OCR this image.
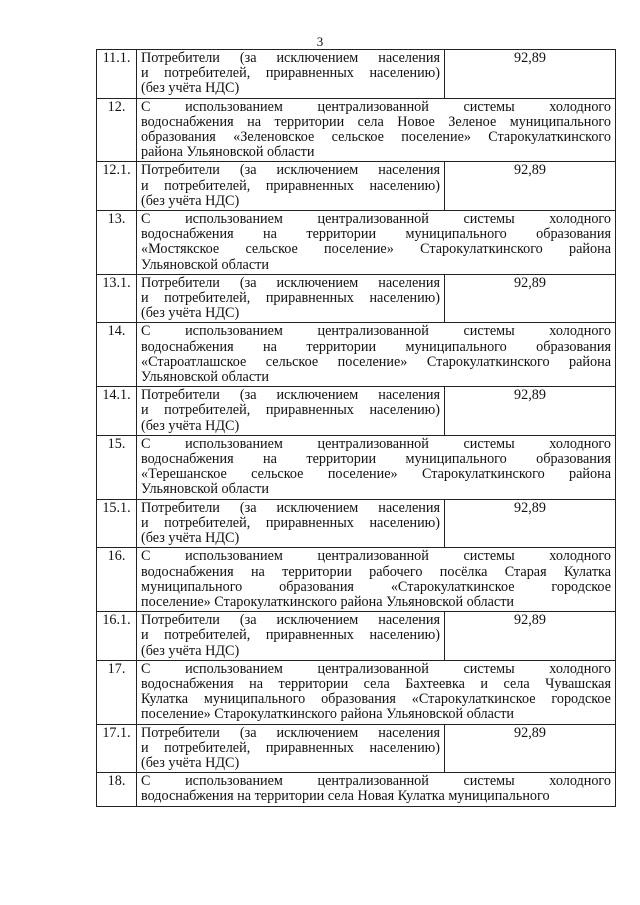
3
11.1.	Потребители (за исключением населения
и потребителей, приравненных населению)
(без учёта НДС)	92,89
12.	С использованием централизованной системы холодного
водоснабжения на территории села Новое Зеленое муниципального
образования «Зеленовское сельское поселение» Старокулаткинского
района Ульяновской области	

12.1.	Потребители (за исключением населения
и потребителей, приравненных населению)
(без учёта НДС)	92,89
13.	С использованием централизованной системы холодного
водоснабжения на территории муниципального образования
«Мостякское сельское поселение» Старокулаткинского района
Ульяновской области	

13.1.	Потребители (за исключением населения
и потребителей, приравненных населению)
(без учёта НДС)	92,89
14.	С использованием централизованной системы холодного
водоснабжения на территории муниципального образования
«Староатлашское сельское поселение» Старокулаткинского района
Ульяновской области	

14.1.	Потребители (за исключением населения
и потребителей, приравненных населению)
(без учёта НДС)	92,89
15.	С использованием централизованной системы холодного
водоснабжения на территории муниципального образования
«Терешанское сельское поселение» Старокулаткинского района
Ульяновской области	

15.1.	Потребители (за исключением населения
и потребителей, приравненных населению)
(без учёта НДС)	92,89
16.	С использованием централизованной системы холодного
водоснабжения на территории рабочего посёлка Старая Кулатка
муниципального образования «Старокулаткинское городское
поселение» Старокулаткинского района Ульяновской области	

16.1.	Потребители (за исключением населения
и потребителей, приравненных населению)
(без учёта НДС)	92,89
17.	С использованием централизованной системы холодного
водоснабжения на территории села Бахтеевка и села Чувашская
Кулатка муниципального образования «Старокулаткинское городское
поселение» Старокулаткинского района Ульяновской области	

17.1.	Потребители (за исключением населения
и потребителей, приравненных населению)
(без учёта НДС)	92,89
18.	С использованием централизованной системы холодного
водоснабжения на территории села Новая Кулатка муниципального	
